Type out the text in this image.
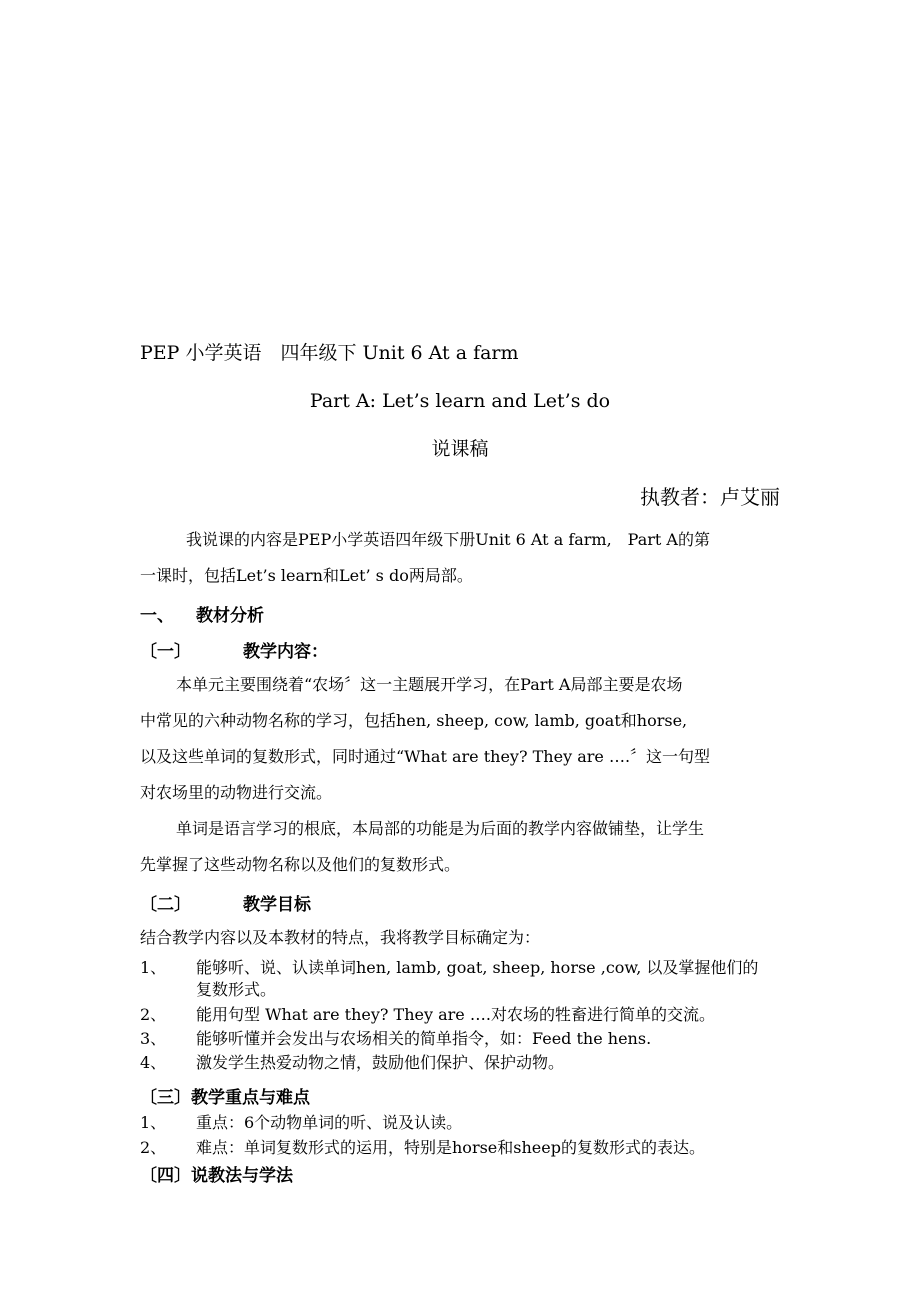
PEP 小学英语　四年级下 Unit 6 At a farm
Part A: Let’s learn and Let’s do
说课稿
执教者：卢艾丽
我说课的内容是PEP小学英语四年级下册Unit 6 At a farm,　Part A的第
一课时，包括Let’s learn和Let’ s do两局部。
一、 教材分析
〔一〕	教学内容：
本单元主要围绕着“农场〞这一主题展开学习，在Part A局部主要是农场
中常见的六种动物名称的学习，包括hen, sheep, cow, lamb, goat和horse,
以及这些单词的复数形式，同时通过“What are they? They are ….〞这一句型
对农场里的动物进行交流。
单词是语言学习的根底，本局部的功能是为后面的教学内容做铺垫，让学生
先掌握了这些动物名称以及他们的复数形式。
〔二〕	教学目标
结合教学内容以及本教材的特点，我将教学目标确定为：
1、	能够听、说、认读单词hen, lamb, goat, sheep, horse ,cow, 以及掌握他们的
复数形式。
2、	能用句型 What are they? They are ….对农场的牲畜进行简单的交流。
3、	能够听懂并会发出与农场相关的简单指令，如：Feed the hens.
4、	激发学生热爱动物之情，鼓励他们保护、保护动物。
〔三〕教学重点与难点
1、	重点：6个动物单词的听、说及认读。
2、	难点：单词复数形式的运用，特别是horse和sheep的复数形式的表达。
〔四〕说教法与学法
